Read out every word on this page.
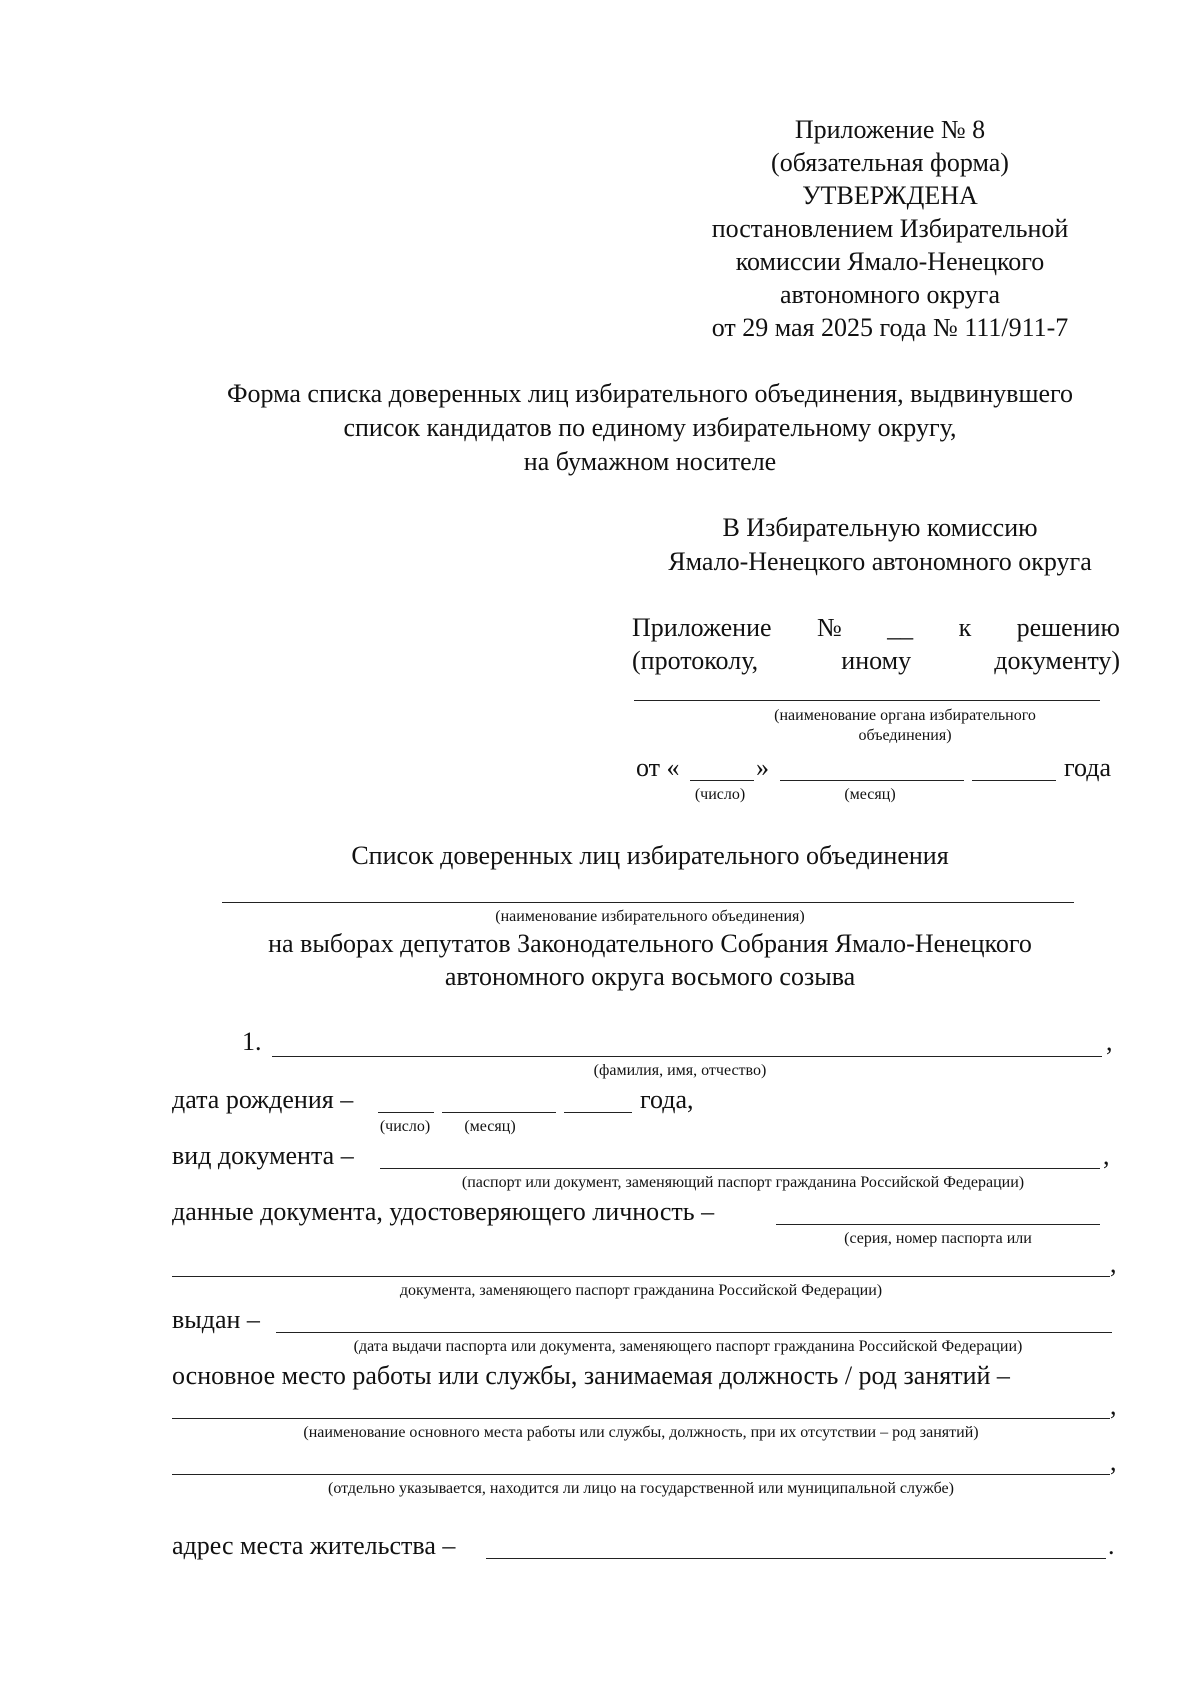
Приложение № 8
(обязательная форма)
УТВЕРЖДЕНА
постановлением Избирательной
комиссии Ямало-Ненецкого
автономного округа
от 29 мая 2025 года № 111/911-7
Форма списка доверенных лиц избирательного объединения, выдвинувшего
список кандидатов по единому избирательному округу,
на бумажном носителе
В Избирательную комиссию
Ямало-Ненецкого автономного округа
Приложение № __ к решению
(протоколу,	иному	документу)
(наименование органа избирательного
объединения)
от «	»	года
(число)	(месяц)
Список доверенных лиц избирательного объединения
(наименование избирательного объединения)
на выборах депутатов Законодательного Собрания Ямало-Ненецкого
автономного округа восьмого созыва
1.	,
(фамилия, имя, отчество)
дата рождения –	года,
(число)	(месяц)
вид документа –	,
(паспорт или документ, заменяющий паспорт гражданина Российской Федерации)
данные документа, удостоверяющего личность –
(серия, номер паспорта или
,
документа, заменяющего паспорт гражданина Российской Федерации)
выдан –
(дата выдачи паспорта или документа, заменяющего паспорт гражданина Российской Федерации)
основное место работы или службы, занимаемая должность / род занятий –
,
(наименование основного места работы или службы, должность, при их отсутствии – род занятий)
,
(отдельно указывается, находится ли лицо на государственной или муниципальной службе)
адрес места жительства –	.
